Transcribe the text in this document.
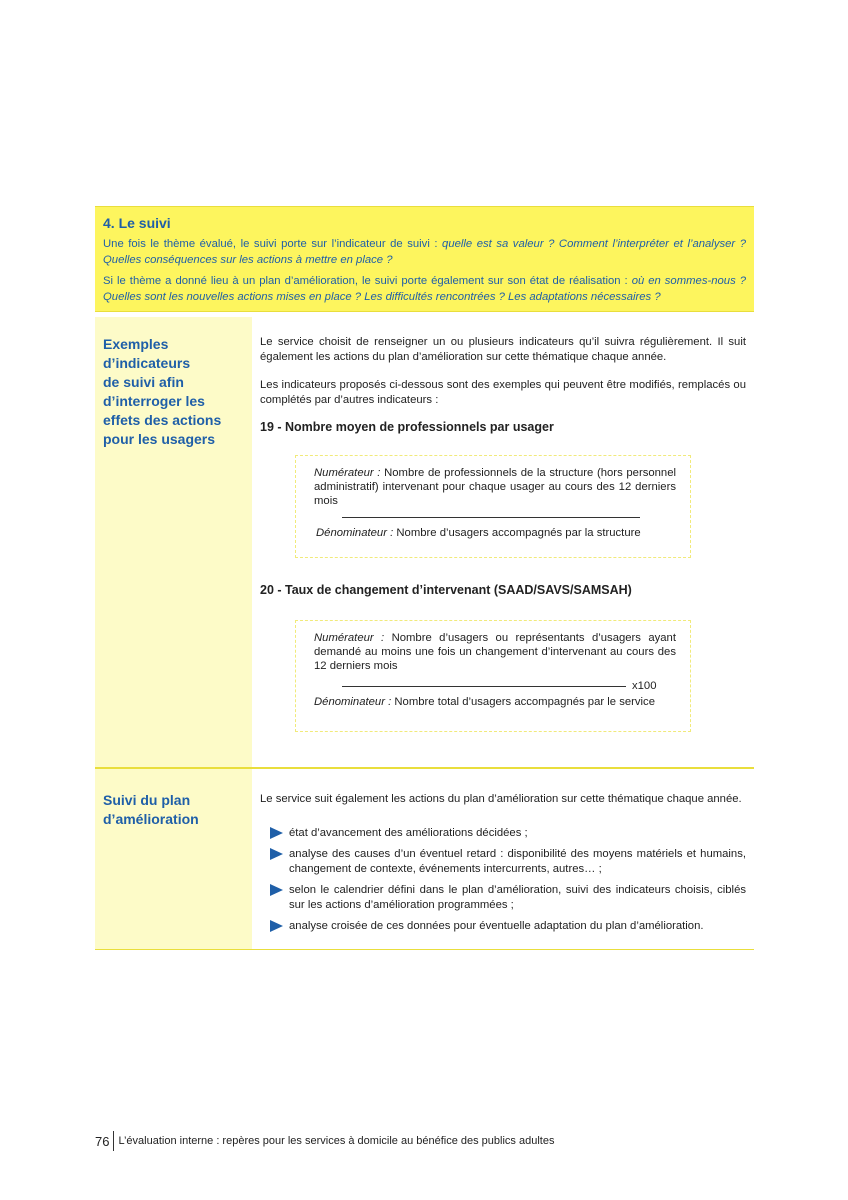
4. Le suivi

Une fois le thème évalué, le suivi porte sur l’indicateur de suivi : quelle est sa valeur ? Comment l’interpréter et l’analyser ? Quelles conséquences sur les actions à mettre en place ?

Si le thème a donné lieu à un plan d’amélioration, le suivi porte également sur son état de réalisation : où en sommes-nous ? Quelles sont les nouvelles actions mises en place ? Les difficultés rencontrées ? Les adaptations nécessaires ?

Exemples
d’indicateurs
de suivi afin
d’interroger les
effets des actions
pour les usagers

Le service choisit de renseigner un ou plusieurs indicateurs qu’il suivra régulièrement. Il suit également les actions du plan d’amélioration sur cette thématique chaque année.

Les indicateurs proposés ci-dessous sont des exemples qui peuvent être modifiés, remplacés ou complétés par d’autres indicateurs :

19 - Nombre moyen de professionnels par usager

Numérateur : Nombre de professionnels de la structure (hors personnel administratif) intervenant pour chaque usager au cours des 12 derniers mois

Dénominateur : Nombre d’usagers accompagnés par la structure

20 - Taux de changement d’intervenant (SAAD/SAVS/SAMSAH)

Numérateur : Nombre d’usagers ou représentants d’usagers ayant demandé au moins une fois un changement d’intervenant au cours des 12 derniers mois

x100

Dénominateur : Nombre total d’usagers accompagnés par le service

Suivi du plan
d’amélioration

Le service suit également les actions du plan d’amélioration sur cette thématique chaque année.

état d’avancement des améliorations décidées ;
analyse des causes d’un éventuel retard : disponibilité des moyens matériels et humains, changement de contexte, événements intercurrents, autres… ;
selon le calendrier défini dans le plan d’amélioration, suivi des indicateurs choisis, ciblés sur les actions d’amélioration programmées ;
analyse croisée de ces données pour éventuelle adaptation du plan d’amélioration.
76 L’évaluation interne : repères pour les services à domicile au bénéfice des publics adultes
